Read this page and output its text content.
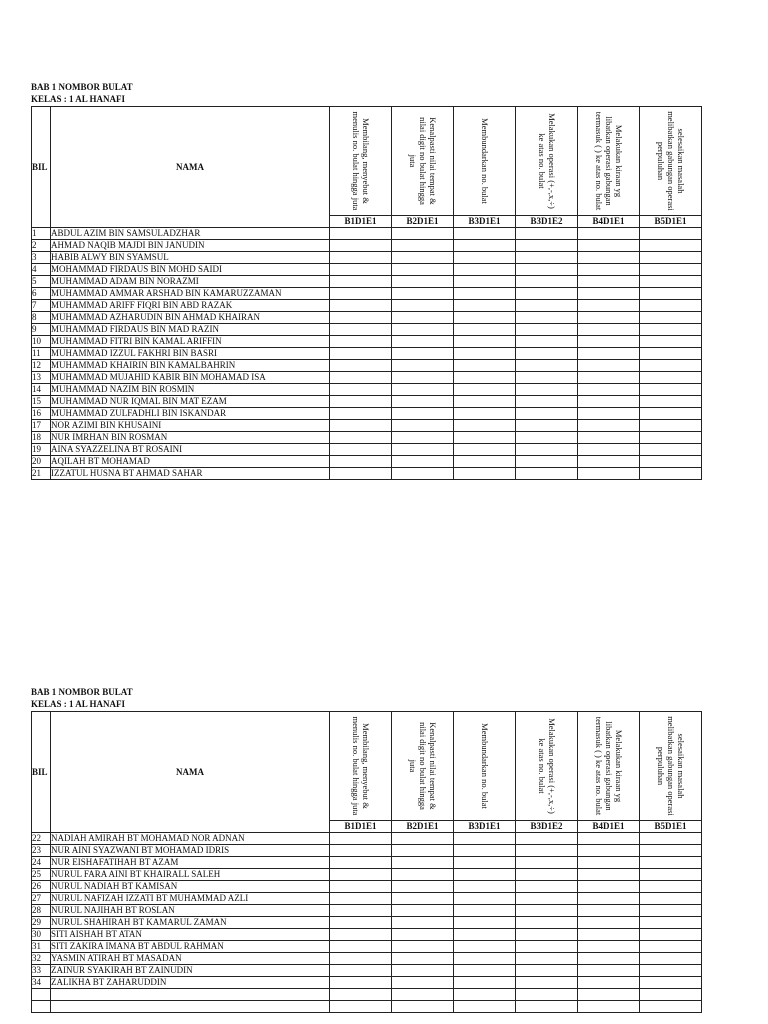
BAB 1 NOMBOR BULAT

KELAS : 1 AL HANAFI

BIL	NAMA	Membilang, menyebut & menulis no. bulat hingga juta	Kenalpasti nilai tempat & nilai digit no bulat hingga juta	Membundarkan no. bulat	Melakukan operasi (+,-,x,÷) ke atas no. bulat	Melakukan kiraan yg libatkan operasi gabungan termasuk ( ) ke atas no. bulat	selesaikan masalah melibatkan gabungan operasi perpuluhan

		B1D1E1	B2D1E1	B3D1E1	B3D1E2	B4D1E1	B5D1E1
1	ABDUL AZIM BIN SAMSULADZHAR						
2	AHMAD NAQIB MAJDI BIN JANUDIN						
3	HABIB ALWY BIN SYAMSUL						
4	MOHAMMAD FIRDAUS BIN MOHD SAIDI						
5	MUHAMMAD ADAM BIN NORAZMI						
6	MUHAMMAD AMMAR ARSHAD BIN KAMARUZZAMAN						
7	MUHAMMAD ARIFF FIQRI BIN ABD RAZAK						
8	MUHAMMAD AZHARUDIN BIN AHMAD KHAIRAN						
9	MUHAMMAD FIRDAUS BIN MAD RAZIN						
10	MUHAMMAD FITRI BIN KAMAL ARIFFIN						
11	MUHAMMAD IZZUL FAKHRI BIN BASRI						
12	MUHAMMAD KHAIRIN BIN KAMALBAHRIN						
13	MUHAMMAD MUJAHID KABIR BIN MOHAMAD ISA						
14	MUHAMMAD NAZIM BIN ROSMIN						
15	MUHAMMAD NUR IQMAL BIN MAT EZAM						
16	MUHAMMAD ZULFADHLI BIN ISKANDAR						
17	NOR AZIMI BIN KHUSAINI						
18	NUR IMRHAN BIN ROSMAN						
19	AINA SYAZZELINA BT ROSAINI						
20	AQILAH BT MOHAMAD						
21	IZZATUL HUSNA BT AHMAD SAHAR						

BAB 1 NOMBOR BULAT

KELAS : 1 AL HANAFI

BIL	NAMA	Membilang, menyebut & menulis no. bulat hingga juta	Kenalpasti nilai tempat & nilai digit no bulat hingga juta	Membundarkan no. bulat	Melakukan operasi (+,-,x,÷) ke atas no. bulat	Melakukan kiraan yg libatkan operasi gabungan termasuk ( ) ke atas no. bulat	selesaikan masalah melibatkan gabungan operasi perpuluhan

		B1D1E1	B2D1E1	B3D1E1	B3D1E2	B4D1E1	B5D1E1
22	NADIAH AMIRAH BT MOHAMAD NOR ADNAN						
23	NUR AINI SYAZWANI BT MOHAMAD IDRIS						
24	NUR EISHAFATIHAH BT AZAM						
25	NURUL FARA AINI BT KHAIRALL SALEH						
26	NURUL NADIAH BT KAMISAN						
27	NURUL NAFIZAH IZZATI BT MUHAMMAD AZLI						
28	NURUL NAJIHAH BT ROSLAN						
29	NURUL SHAHIRAH BT KAMARUL ZAMAN						
30	SITI AISHAH BT ATAN						
31	SITI ZAKIRA IMANA BT ABDUL RAHMAN						
32	YASMIN ATIRAH BT MASADAN						
33	ZAINUR SYAKIRAH BT ZAINUDIN						
34	ZALIKHA BT ZAHARUDDIN						
